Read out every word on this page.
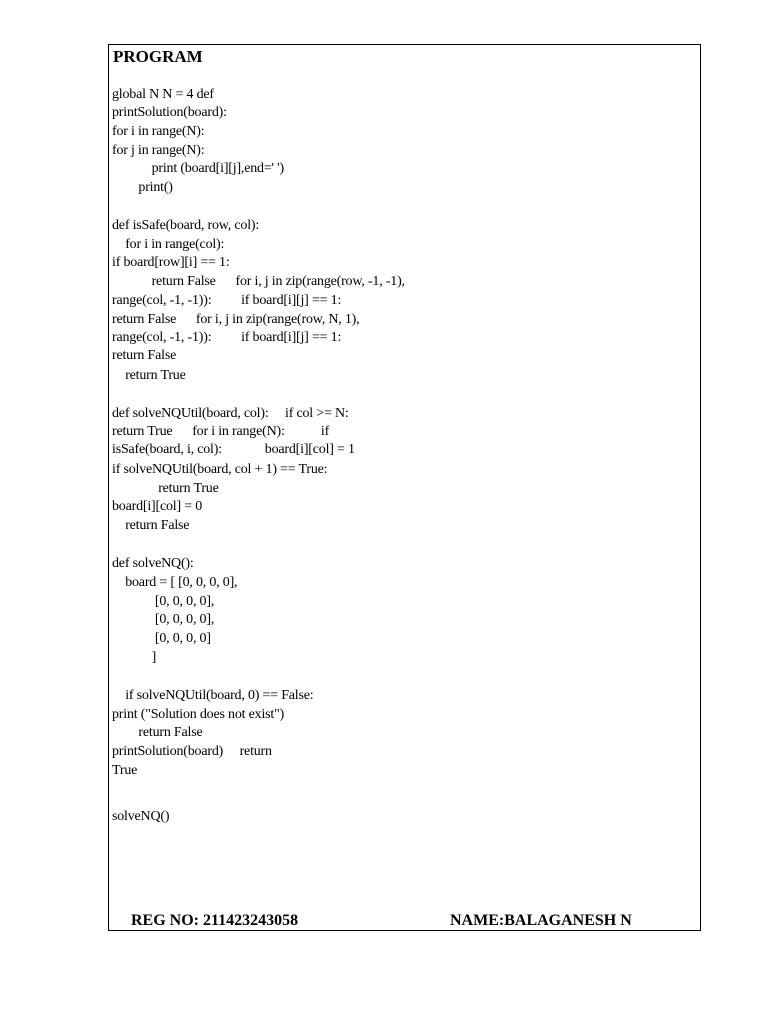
PROGRAM
global N N = 4 def
printSolution(board):
for i in range(N):
for j in range(N):
print (board[i][j],end=' ')
print()
def isSafe(board, row, col):
for i in range(col):
if board[row][i] == 1:
return False      for i, j in zip(range(row, -1, -1),
range(col, -1, -1)):         if board[i][j] == 1:
return False      for i, j in zip(range(row, N, 1),
range(col, -1, -1)):         if board[i][j] == 1:
return False
return True
def solveNQUtil(board, col):     if col >= N:
return True      for i in range(N):           if
isSafe(board, i, col):             board[i][col] = 1
if solveNQUtil(board, col + 1) == True:
return True
board[i][col] = 0
return False
def solveNQ():
board = [ [0, 0, 0, 0],
[0, 0, 0, 0],
[0, 0, 0, 0],
[0, 0, 0, 0]
]
if solveNQUtil(board, 0) == False:
print ("Solution does not exist")
return False
printSolution(board)     return
True
solveNQ()
REG NO: 211423243058	NAME:BALAGANESH N
